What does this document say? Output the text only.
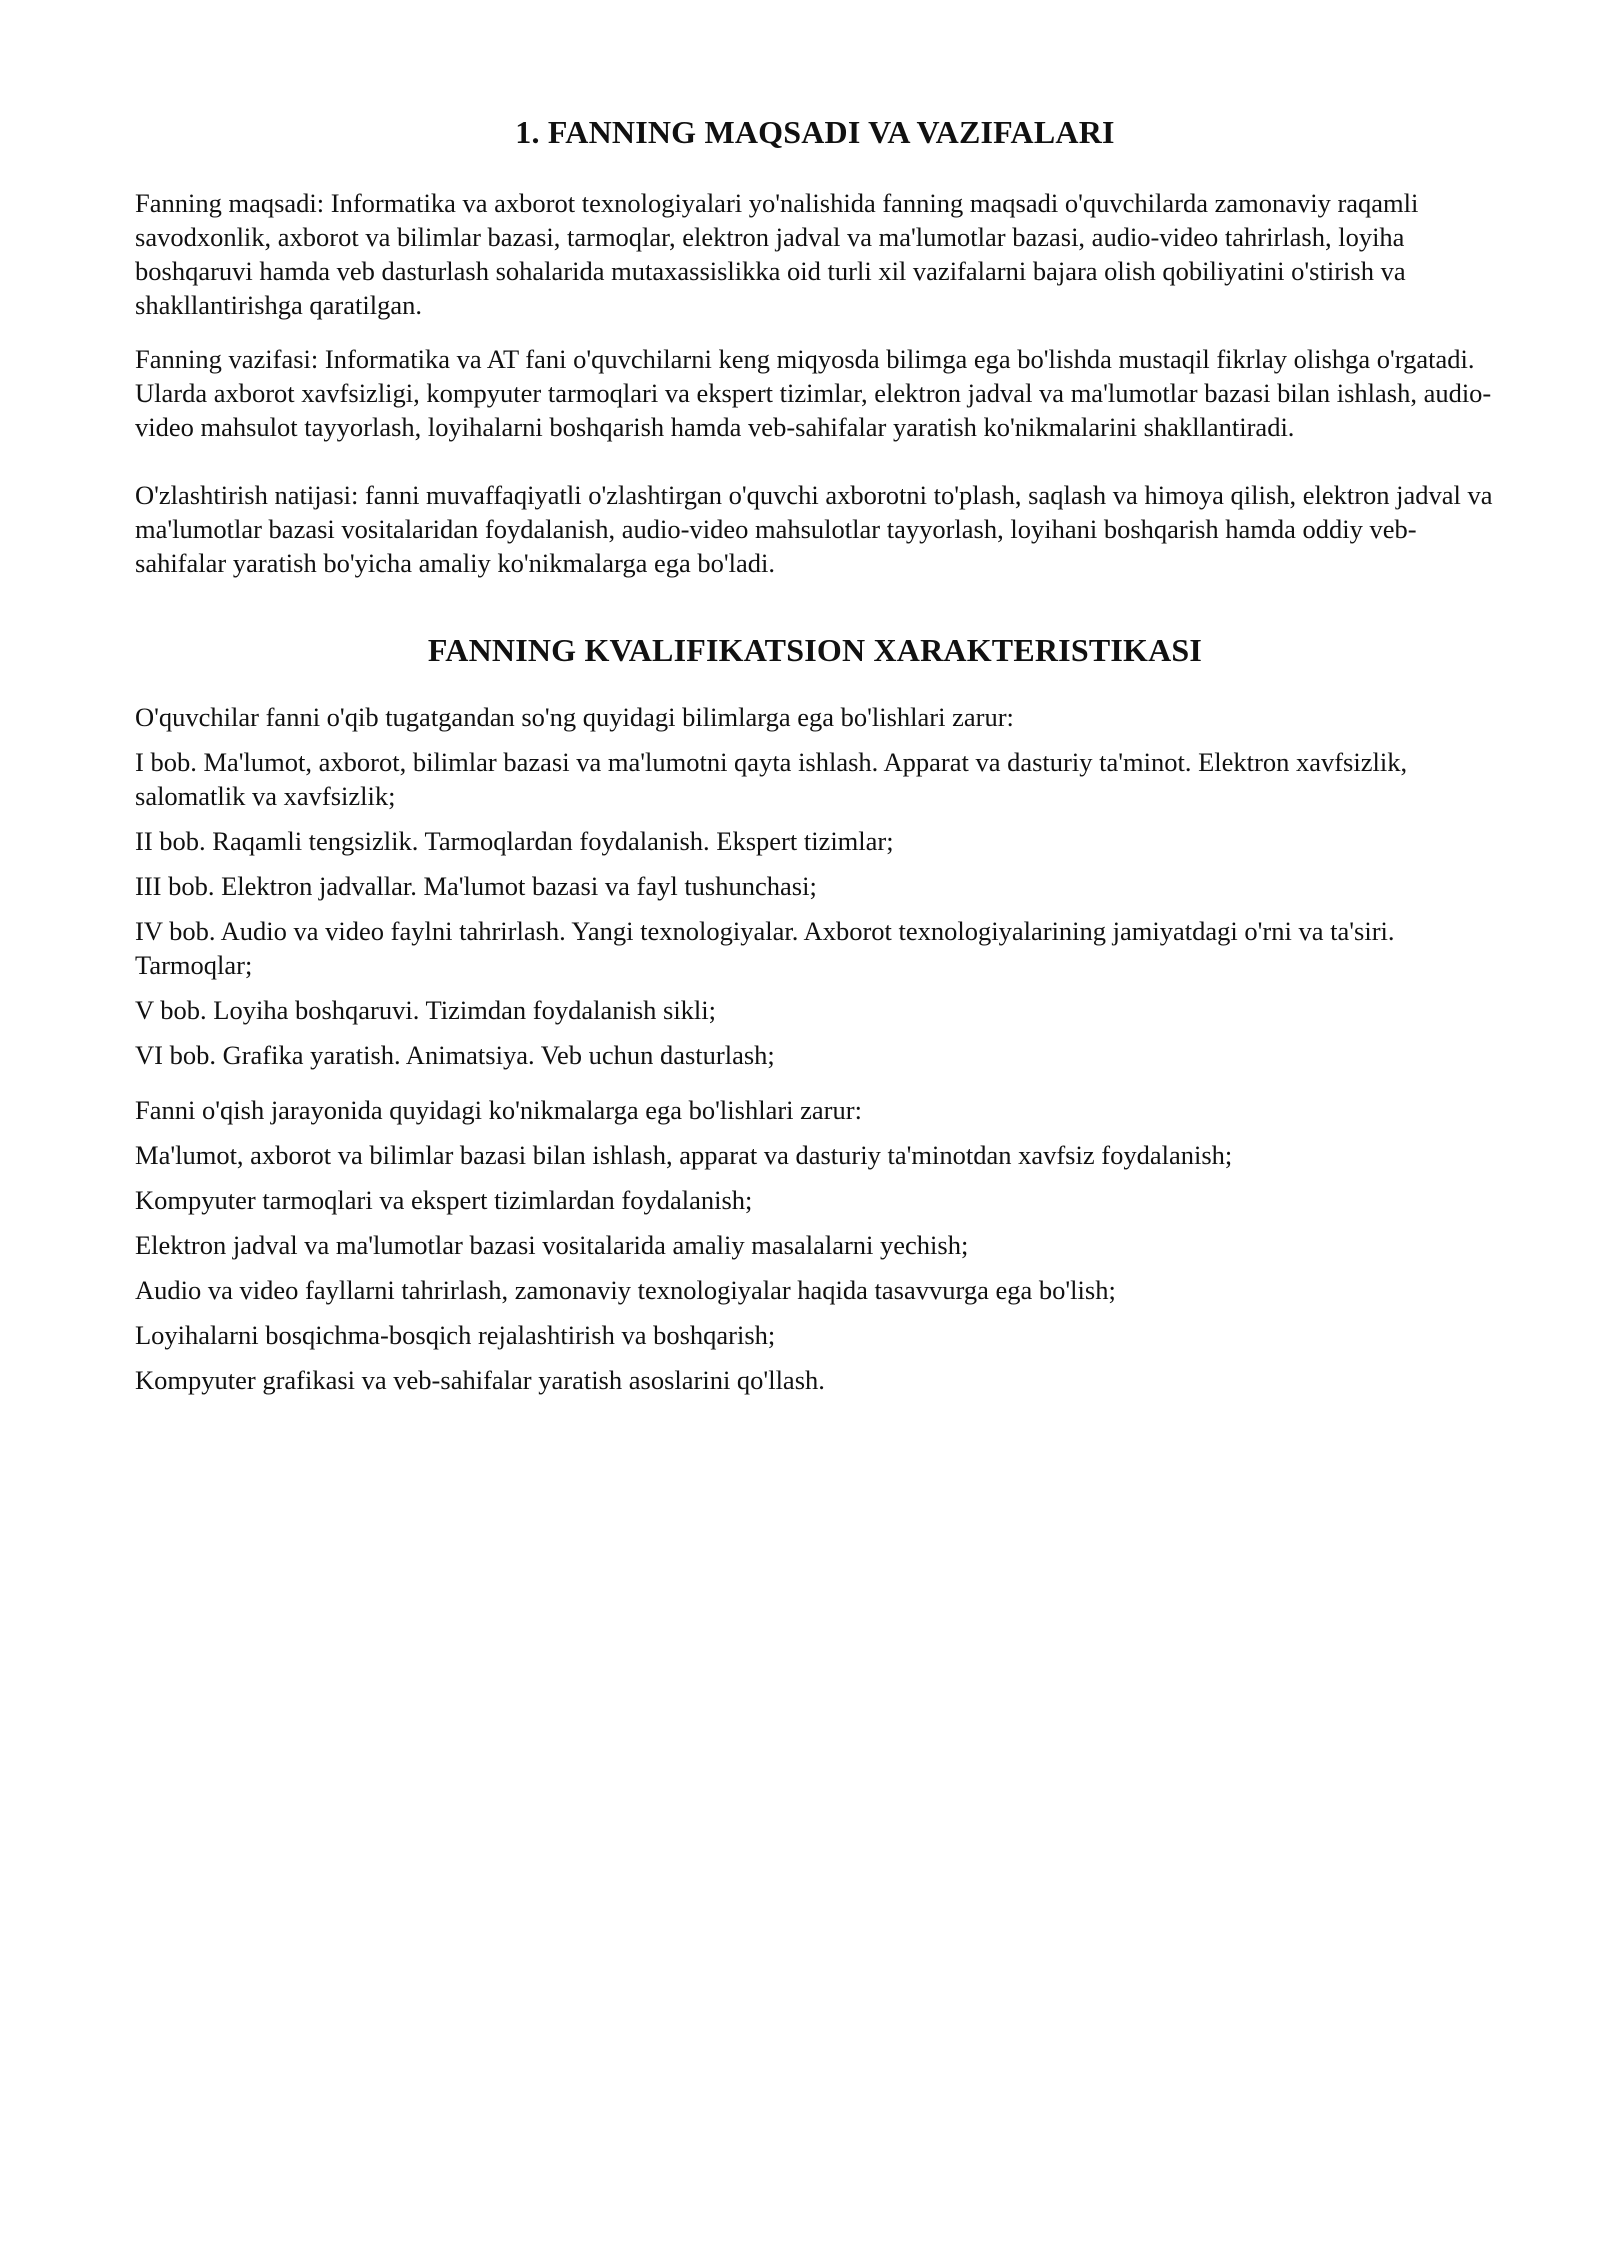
1. FANNING MAQSADI VA VAZIFALARI

Fanning maqsadi: Informatika va axborot texnologiyalari yo'nalishida fanning maqsadi o'quvchilarda zamonaviy raqamli savodxonlik, axborot va bilimlar bazasi, tarmoqlar, elektron jadval va ma'lumotlar bazasi, audio-video tahrirlash, loyiha boshqaruvi hamda veb dasturlash sohalarida mutaxassislikka oid turli xil vazifalarni bajara olish qobiliyatini o'stirish va shakllantirishga qaratilgan.

Fanning vazifasi: Informatika va AT fani o'quvchilarni keng miqyosda bilimga ega bo'lishda mustaqil fikrlay olishga o'rgatadi. Ularda axborot xavfsizligi, kompyuter tarmoqlari va ekspert tizimlar, elektron jadval va ma'lumotlar bazasi bilan ishlash, audio-video mahsulot tayyorlash, loyihalarni boshqarish hamda veb-sahifalar yaratish ko'nikmalarini shakllantiradi.

O'zlashtirish natijasi: fanni muvaffaqiyatli o'zlashtirgan o'quvchi axborotni to'plash, saqlash va himoya qilish, elektron jadval va ma'lumotlar bazasi vositalaridan foydalanish, audio-video mahsulotlar tayyorlash, loyihani boshqarish hamda oddiy veb-sahifalar yaratish bo'yicha amaliy ko'nikmalarga ega bo'ladi.

FANNING KVALIFIKATSION XARAKTERISTIKASI

O'quvchilar fanni o'qib tugatgandan so'ng quyidagi bilimlarga ega bo'lishlari zarur:

I bob. Ma'lumot, axborot, bilimlar bazasi va ma'lumotni qayta ishlash. Apparat va dasturiy ta'minot. Elektron xavfsizlik, salomatlik va xavfsizlik;

II bob. Raqamli tengsizlik. Tarmoqlardan foydalanish. Ekspert tizimlar;

III bob. Elektron jadvallar. Ma'lumot bazasi va fayl tushunchasi;

IV bob. Audio va video faylni tahrirlash. Yangi texnologiyalar. Axborot texnologiyalarining jamiyatdagi o'rni va ta'siri. Tarmoqlar;

V bob. Loyiha boshqaruvi. Tizimdan foydalanish sikli;

VI bob. Grafika yaratish. Animatsiya. Veb uchun dasturlash;

Fanni o'qish jarayonida quyidagi ko'nikmalarga ega bo'lishlari zarur:

Ma'lumot, axborot va bilimlar bazasi bilan ishlash, apparat va dasturiy ta'minotdan xavfsiz foydalanish;

Kompyuter tarmoqlari va ekspert tizimlardan foydalanish;

Elektron jadval va ma'lumotlar bazasi vositalarida amaliy masalalarni yechish;

Audio va video fayllarni tahrirlash, zamonaviy texnologiyalar haqida tasavvurga ega bo'lish;

Loyihalarni bosqichma-bosqich rejalashtirish va boshqarish;

Kompyuter grafikasi va veb-sahifalar yaratish asoslarini qo'llash.
